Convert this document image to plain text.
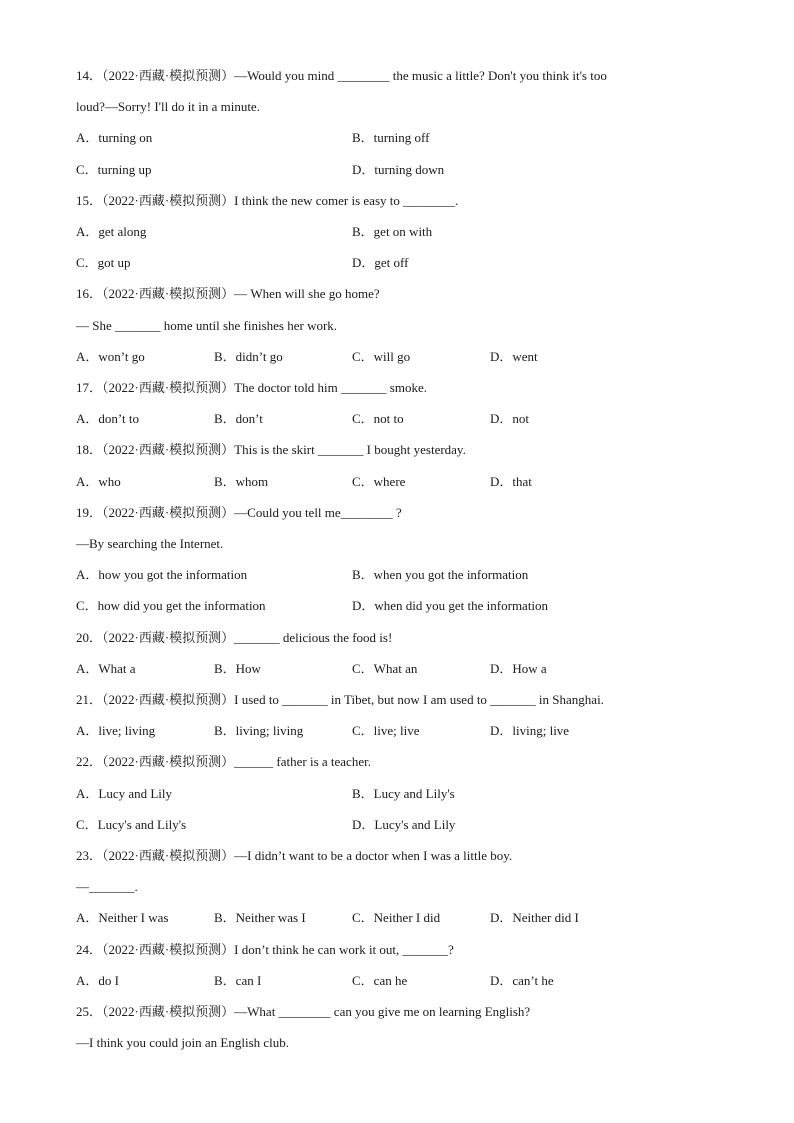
14．（2022·西藏·模拟预测）—Would you mind ________ the music a little? Don't you think it's too
loud?—Sorry! I'll do it in a minute.
A．turning on	B．turning off
C．turning up	D．turning down
15．（2022·西藏·模拟预测）I think the new comer is easy to ________.
A．get along	B．get on with
C．got up	D．get off
16．（2022·西藏·模拟预测）— When will she go home?
— She _______ home until she finishes her work.
A．won’t go	B．didn’t go	C．will go	D．went
17．（2022·西藏·模拟预测）The doctor told him _______ smoke.
A．don’t to	B．don’t	C．not to	D．not
18．（2022·西藏·模拟预测）This is the skirt _______ I bought yesterday.
A．who	B．whom	C．where	D．that
19．（2022·西藏·模拟预测）—Could you tell me________ ?
—By searching the Internet.
A．how you got the information	B．when you got the information
C．how did you get the information	D．when did you get the information
20．（2022·西藏·模拟预测）_______ delicious the food is!
A．What a	B．How	C．What an	D．How a
21．（2022·西藏·模拟预测）I used to _______ in Tibet, but now I am used to _______ in Shanghai.
A．live; living	B．living; living	C．live; live	D．living; live
22．（2022·西藏·模拟预测）______ father is a teacher.
A．Lucy and Lily	B．Lucy and Lily's
C．Lucy's and Lily's	D．Lucy's and Lily
23．（2022·西藏·模拟预测）—I didn’t want to be a doctor when I was a little boy.
—_______.
A．Neither I was	B．Neither was I	C．Neither I did	D．Neither did I
24．（2022·西藏·模拟预测）I don’t think he can work it out, _______?
A．do I	B．can I	C．can he	D．can’t he
25．（2022·西藏·模拟预测）—What ________ can you give me on learning English?
—I think you could join an English club.
